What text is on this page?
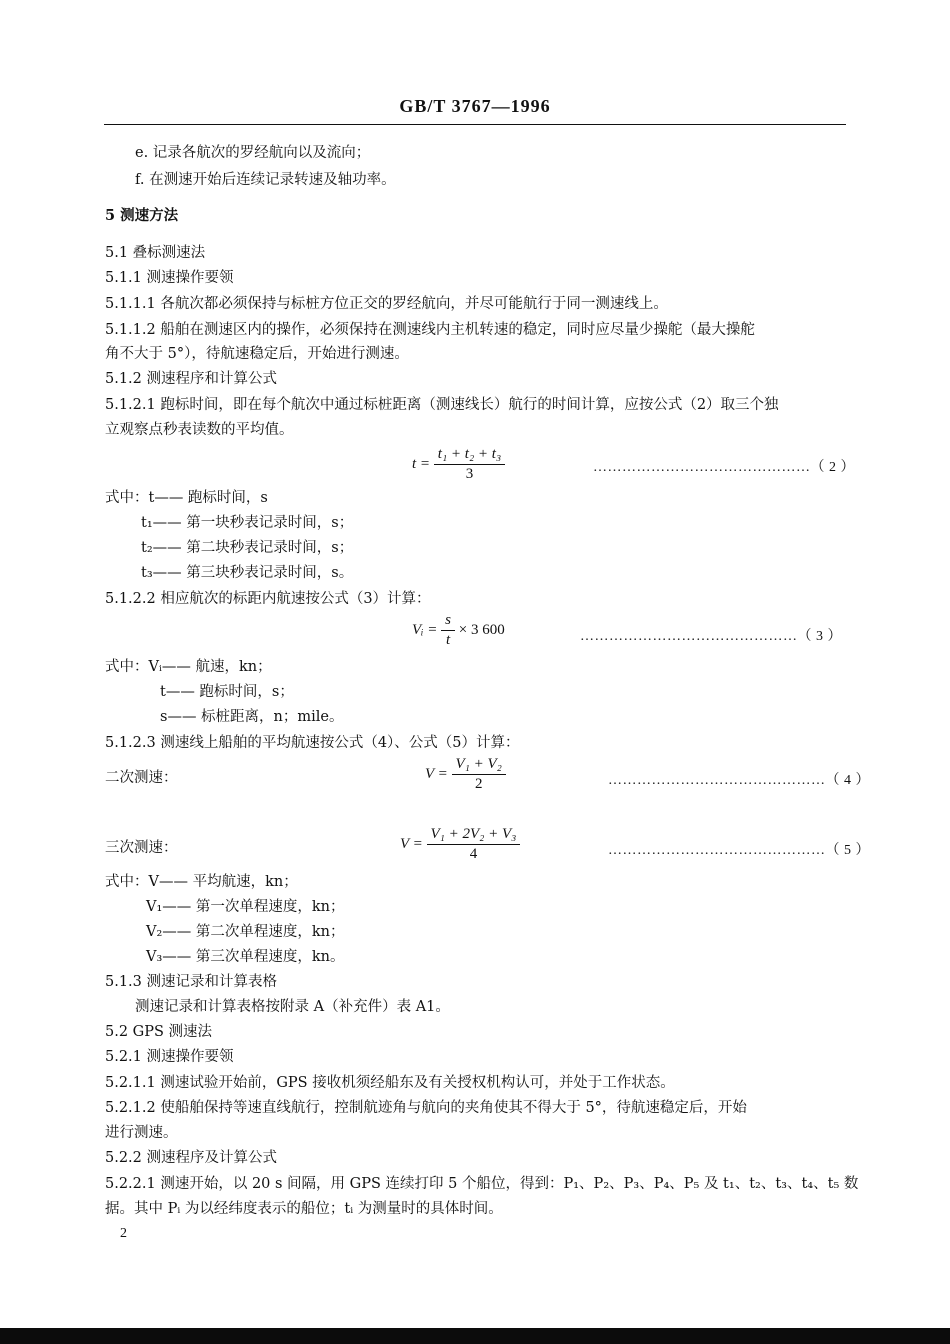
GB/T 3767—1996
e. 记录各航次的罗经航向以及流向；
f. 在测速开始后连续记录转速及轴功率。
5 测速方法
5.1 叠标测速法
5.1.1 测速操作要领
5.1.1.1 各航次都必须保持与标桩方位正交的罗经航向，并尽可能航行于同一测速线上。
5.1.1.2 船舶在测速区内的操作，必须保持在测速线内主机转速的稳定，同时应尽量少操舵（最大操舵
角不大于 5°），待航速稳定后，开始进行测速。
5.1.2 测速程序和计算公式
5.1.2.1 跑标时间，即在每个航次中通过标桩距离（测速线长）航行的时间计算，应按公式（2）取三个独
立观察点秒表读数的平均值。
$t = \frac{\text{t₁ + t₂ + t₃}}{3}$	………………………………………（ 2 ）
式中：t—— 跑标时间，s
t₁—— 第一块秒表记录时间，s；
t₂—— 第二块秒表记录时间，s；
t₃—— 第三块秒表记录时间，s。
5.1.2.2 相应航次的标距内航速按公式（3）计算：
Vᵢ = $\frac{s}{t} \times 3$ 600	………………………………………（ 3 ）
式中：Vᵢ—— 航速，kn；
t—— 跑标时间，s；
s—— 标桩距离，n；mile。
5.1.2.3 测速线上船舶的平均航速按公式（4）、公式（5）计算：
二次测速：	$V = \frac{\text{V₁ + V₂}}{2}$	………………………………………（ 4 ）
三次测速：	$V = \frac{\text{V₁ + 2V₂ + V₃}}{4}$	………………………………………（ 5 ）
式中：V—— 平均航速，kn；
V₁—— 第一次单程速度，kn；
V₂—— 第二次单程速度，kn；
V₃—— 第三次单程速度，kn。
5.1.3 测速记录和计算表格
测速记录和计算表格按附录 A（补充件）表 A1。
5.2 GPS 测速法
5.2.1 测速操作要领
5.2.1.1 测速试验开始前，GPS 接收机须经船东及有关授权机构认可，并处于工作状态。
5.2.1.2 使船舶保持等速直线航行，控制航迹角与航向的夹角使其不得大于 5°，待航速稳定后，开始
进行测速。
5.2.2 测速程序及计算公式
5.2.2.1 测速开始，以 20 s 间隔，用 GPS 连续打印 5 个船位，得到：P₁、P₂、P₃、P₄、P₅ 及 t₁、t₂、t₃、t₄、t₅ 数
据。其中 Pᵢ 为以经纬度表示的船位；tᵢ 为测量时的具体时间。
2
